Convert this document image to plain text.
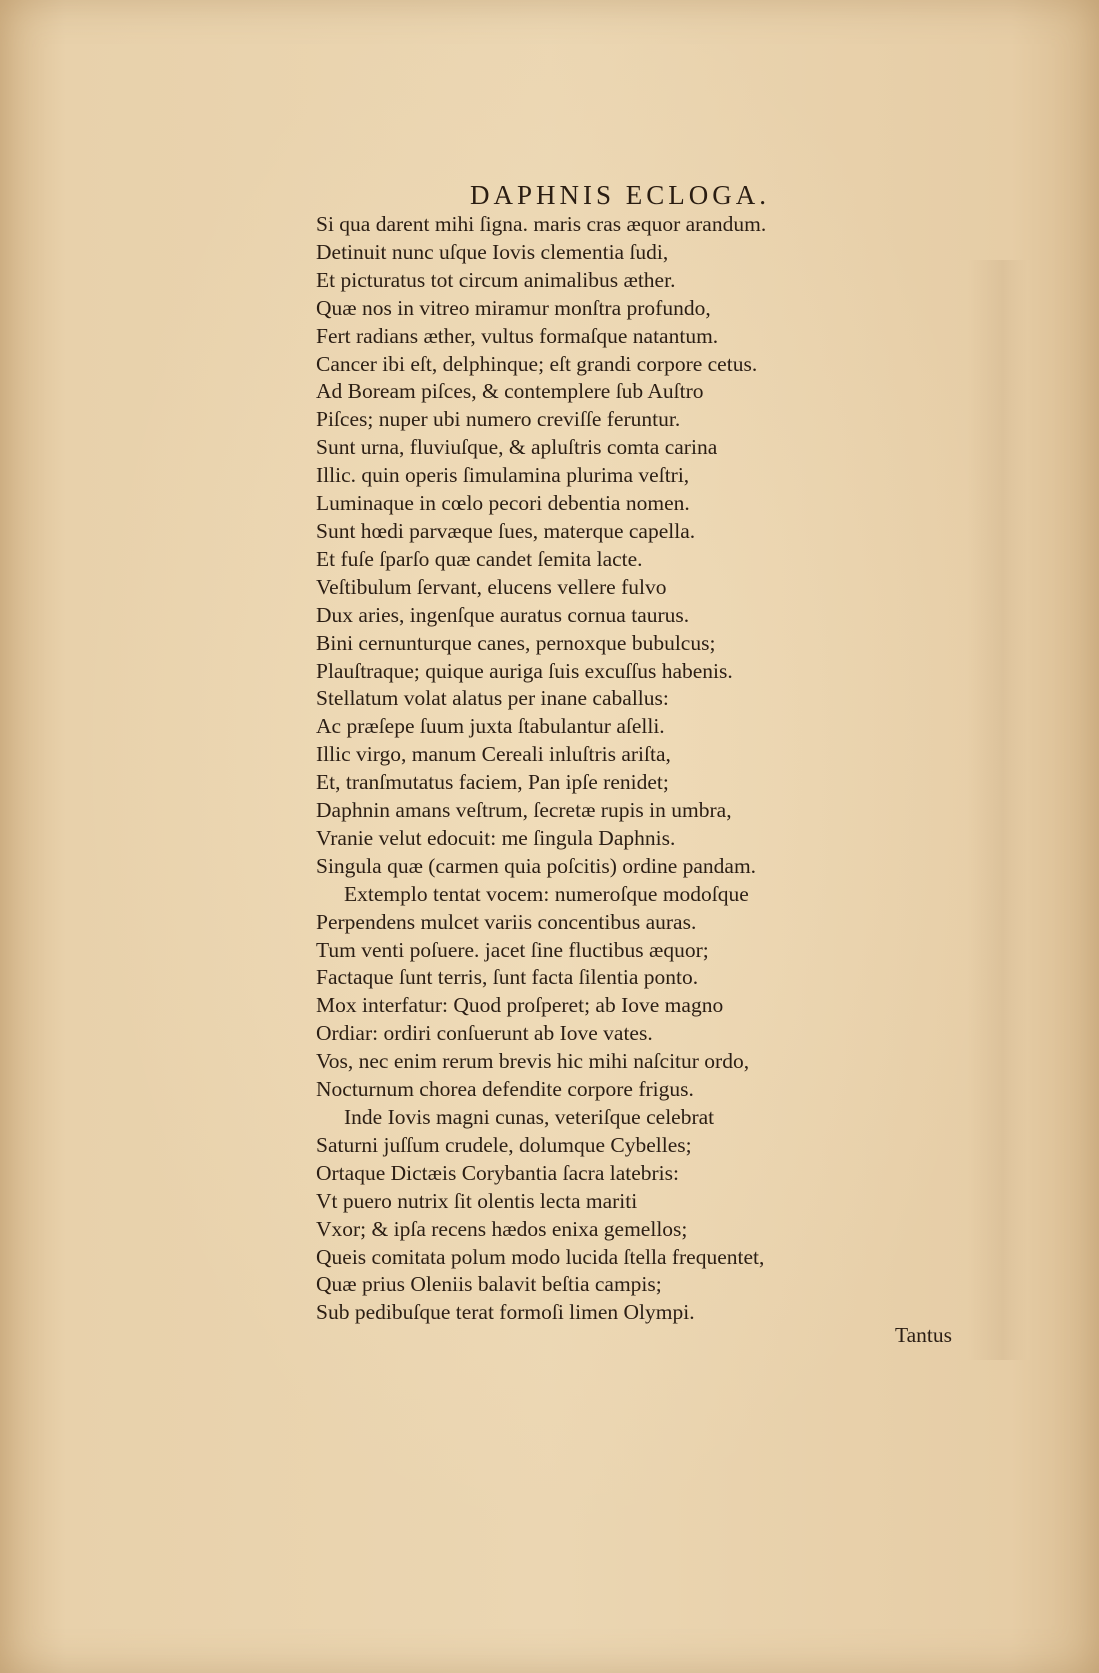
DAPHNIS ECLOGA.
Si qua darent mihi ſigna. maris cras æquor arandum.
Detinuit nunc uſque Iovis clementia ſudi,
Et picturatus tot circum animalibus æther.
Quæ nos in vitreo miramur monſtra profundo,
Fert radians æther, vultus formaſque natantum.
Cancer ibi eſt, delphinque; eſt grandi corpore cetus.
Ad Boream piſces, & contemplere ſub Auſtro
Piſces; nuper ubi numero creviſſe feruntur.
Sunt urna, fluviuſque, & apluſtris comta carina
Illic. quin operis ſimulamina plurima veſtri,
Luminaque in cœlo pecori debentia nomen.
Sunt hœdi parvæque ſues, materque capella.
Et fuſe ſparſo quæ candet ſemita lacte.
Veſtibulum ſervant, elucens vellere fulvo
Dux aries, ingenſque auratus cornua taurus.
Bini cernunturque canes, pernoxque bubulcus;
Plauſtraque; quique auriga ſuis excuſſus habenis.
Stellatum volat alatus per inane caballus:
Ac præſepe ſuum juxta ſtabulantur aſelli.
Illic virgo, manum Cereali inluſtris ariſta,
Et, tranſmutatus faciem, Pan ipſe renidet;
Daphnin amans veſtrum, ſecretæ rupis in umbra,
Vranie velut edocuit: me ſingula Daphnis.
Singula quæ (carmen quia poſcitis) ordine pandam.
Extemplo tentat vocem: numeroſque modoſque
Perpendens mulcet variis concentibus auras.
Tum venti poſuere. jacet ſine fluctibus æquor;
Factaque ſunt terris, ſunt facta ſilentia ponto.
Mox interfatur: Quod proſperet; ab Iove magno
Ordiar: ordiri conſuerunt ab Iove vates.
Vos, nec enim rerum brevis hic mihi naſcitur ordo,
Nocturnum chorea defendite corpore frigus.
Inde Iovis magni cunas, veteriſque celebrat
Saturni juſſum crudele, dolumque Cybelles;
Ortaque Dictæis Corybantia ſacra latebris:
Vt puero nutrix ſit olentis lecta mariti
Vxor; & ipſa recens hædos enixa gemellos;
Queis comitata polum modo lucida ſtella frequentet,
Quæ prius Oleniis balavit beſtia campis;
Sub pedibuſque terat formoſi limen Olympi.
Tantus
